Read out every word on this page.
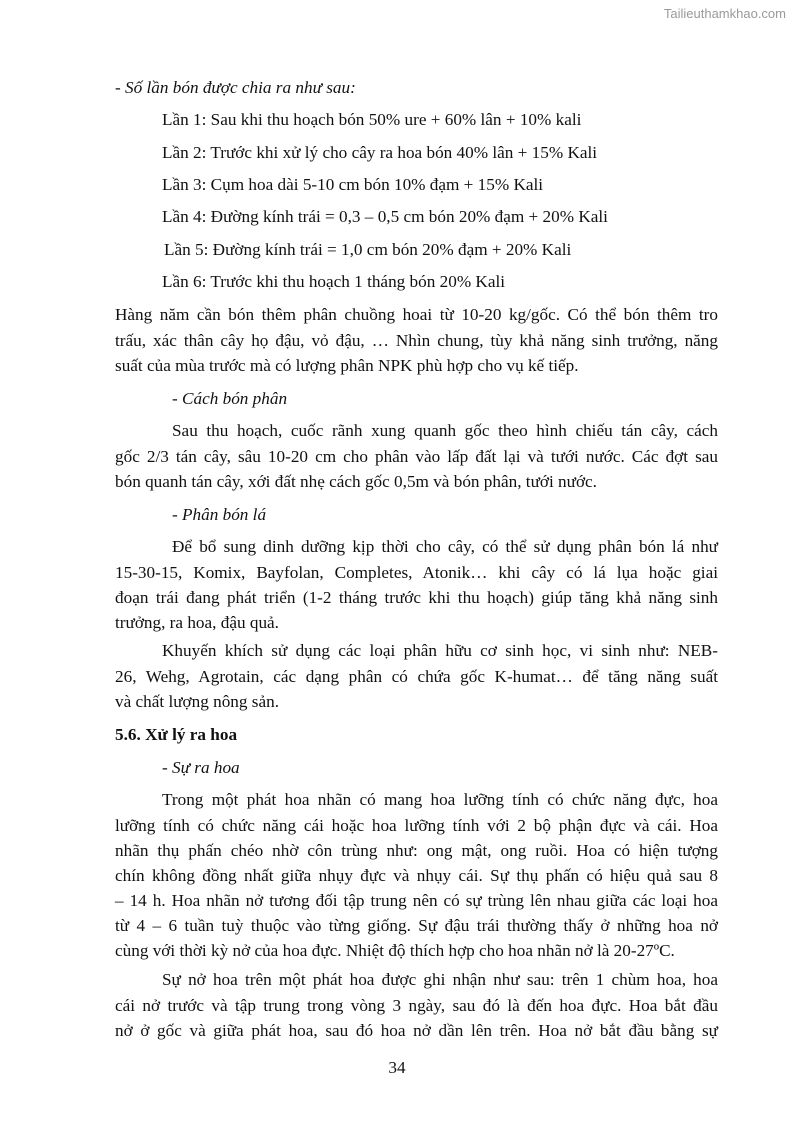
Tailieuthamkhao.com

- Số lần bón được chia ra như sau:

Lần 1: Sau khi thu hoạch bón 50% ure + 60% lân + 10% kali

Lần 2: Trước khi xử lý cho cây ra hoa bón 40% lân + 15% Kali

Lần 3: Cụm hoa dài 5-10 cm bón 10% đạm + 15% Kali

Lần 4: Đường kính trái = 0,3 – 0,5 cm bón 20% đạm + 20% Kali

Lần 5: Đường kính trái = 1,0 cm bón 20% đạm + 20% Kali

Lần 6: Trước khi thu hoạch 1 tháng bón 20% Kali

Hàng năm cần bón thêm phân chuồng hoai từ 10-20 kg/gốc. Có thể bón thêm tro

trấu, xác thân cây họ đậu, vỏ đậu, … Nhìn chung, tùy khả năng sinh trưởng, năng

suất của mùa trước mà có lượng phân NPK phù hợp cho vụ kế tiếp.

- Cách bón phân

Sau thu hoạch, cuốc rãnh xung quanh gốc theo hình chiếu tán cây, cách

gốc 2/3 tán cây, sâu 10-20 cm cho phân vào lấp đất lại và tưới nước. Các đợt sau

bón quanh tán cây, xới đất nhẹ cách gốc 0,5m và bón phân, tưới nước.

- Phân bón lá

Để bổ sung dinh dưỡng kịp thời cho cây, có thể sử dụng phân bón lá như

15-30-15, Komix, Bayfolan, Completes, Atonik… khi cây có lá lụa hoặc giai

đoạn trái đang phát triển (1-2 tháng trước khi thu hoạch) giúp tăng khả năng sinh

trưởng, ra hoa, đậu quả.

Khuyến khích sử dụng các loại phân hữu cơ sinh học, vi sinh như: NEB-

26, Wehg, Agrotain, các dạng phân có chứa gốc K-humat… để tăng năng suất

và chất lượng nông sản.

5.6. Xử lý ra hoa

- Sự ra hoa

Trong một phát hoa nhãn có mang hoa lưỡng tính có chức năng đực, hoa

lưỡng tính có chức năng cái hoặc hoa lưỡng tính với 2 bộ phận đực và cái. Hoa

nhãn thụ phấn chéo nhờ côn trùng như: ong mật, ong ruồi. Hoa có hiện tượng

chín không đồng nhất giữa nhụy đực và nhụy cái. Sự thụ phấn có hiệu quả sau 8

– 14 h. Hoa nhãn nở tương đối tập trung nên có sự trùng lên nhau giữa các loại hoa

từ 4 – 6 tuần tuỳ thuộc vào từng giống. Sự đậu trái thường thấy ở những hoa nở

cùng với thời kỳ nở của hoa đực. Nhiệt độ thích hợp cho hoa nhãn nở là 20-27ºC.

Sự nở hoa trên một phát hoa được ghi nhận như sau: trên 1 chùm hoa, hoa

cái nở trước và tập trung trong vòng 3 ngày, sau đó là đến hoa đực. Hoa bắt đầu

nở ở gốc và giữa phát hoa, sau đó hoa nở dần lên trên. Hoa nở bắt đầu bằng sự

34
